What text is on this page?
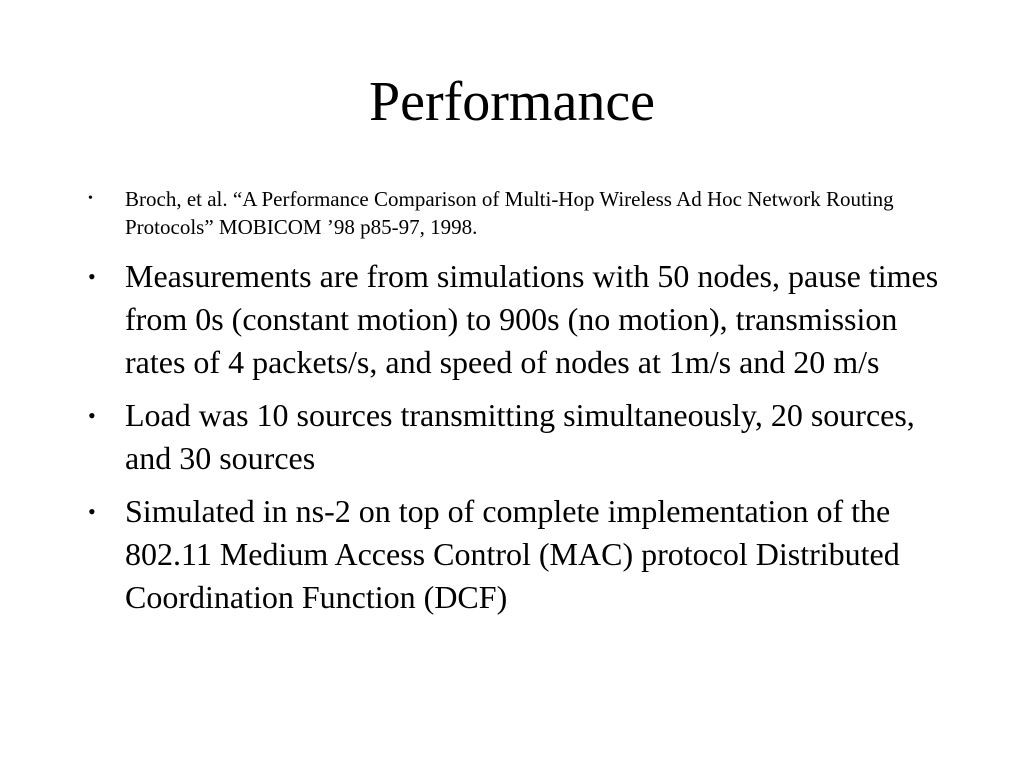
Performance
• Broch, et al. “A Performance Comparison of Multi-Hop Wireless Ad Hoc Network Routing Protocols” MOBICOM ’98 p85-97, 1998.
• Measurements are from simulations with 50 nodes, pause times from 0s (constant motion) to 900s (no motion), transmission rates of 4 packets/s, and speed of nodes at 1m/s and 20 m/s
• Load was 10 sources transmitting simultaneously, 20 sources, and 30 sources
• Simulated in ns-2 on top of complete implementation of the 802.11 Medium Access Control (MAC) protocol Distributed Coordination Function (DCF)
